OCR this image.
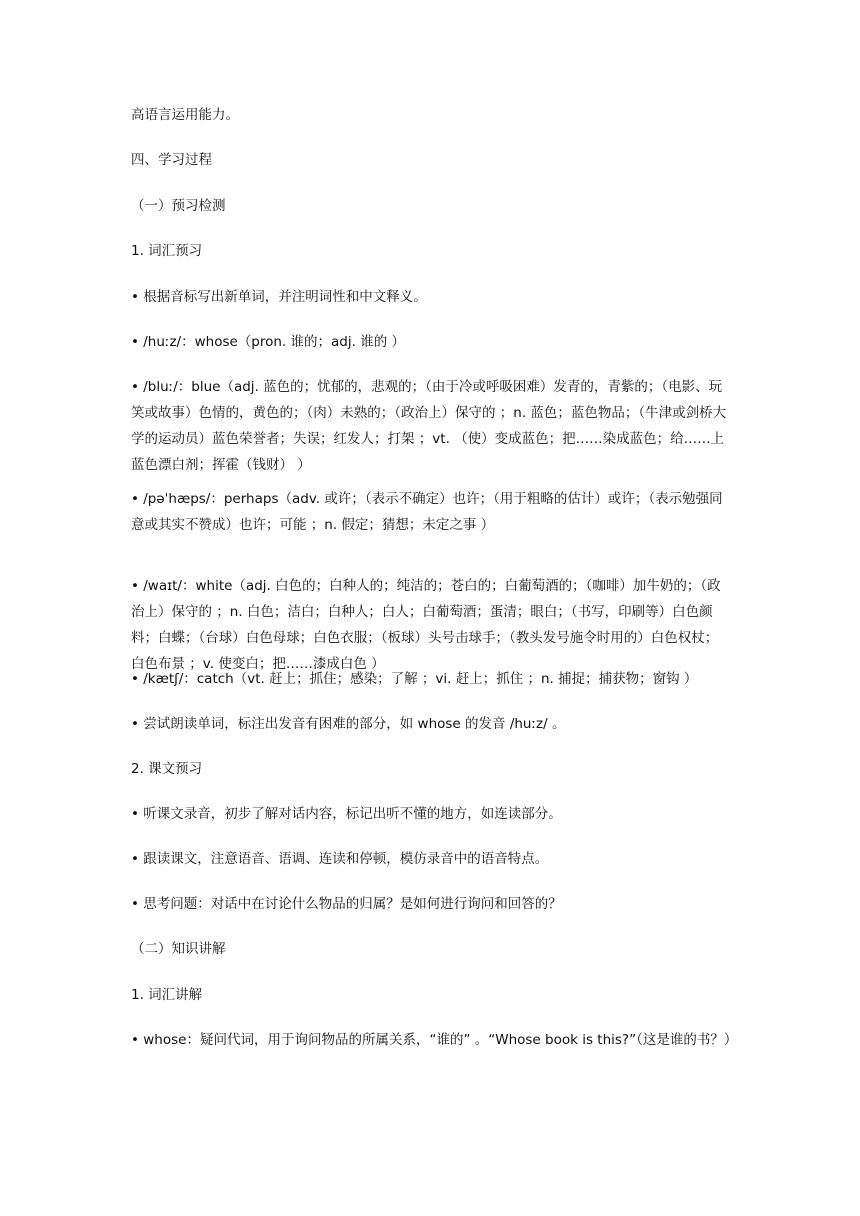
高语言运用能力。

四、学习过程

（一）预习检测

1. 词汇预习

• 根据音标写出新单词，并注明词性和中文释义。

• /huːz/：whose（pron. 谁的；adj. 谁的 ）

• /bluː/：blue（adj. 蓝色的；忧郁的，悲观的；（由于冷或呼吸困难）发青的，青紫的；（电影、玩笑或故事）色情的，黄色的；（肉）未熟的；（政治上）保守的 ；n. 蓝色；蓝色物品；（牛津或剑桥大学的运动员）蓝色荣誉者；失误；红发人；打架 ；vt. （使）变成蓝色；把……染成蓝色；给……上蓝色漂白剂；挥霍（钱财） ）

• /pəˈhæps/：perhaps（adv. 或许；（表示不确定）也许；（用于粗略的估计）或许；（表示勉强同意或其实不赞成）也许；可能 ；n. 假定；猜想；未定之事 ）

• /waɪt/：white（adj. 白色的；白种人的；纯洁的；苍白的；白葡萄酒的；（咖啡）加牛奶的；（政治上）保守的 ；n. 白色；洁白；白种人；白人；白葡萄酒；蛋清；眼白；（书写，印刷等）白色颜料；白蝶；（台球）白色母球；白色衣服；（板球）头号击球手；（教头发号施令时用的）白色权杖；白色布景 ；v. 使变白；把……漆成白色 ）

• /kætʃ/：catch（vt. 赶上；抓住；感染；了解 ；vi. 赶上；抓住 ；n. 捕捉；捕获物；窗钩 ）

• 尝试朗读单词，标注出发音有困难的部分，如 whose 的发音 /huːz/ 。

2. 课文预习

• 听课文录音，初步了解对话内容，标记出听不懂的地方，如连读部分。

• 跟读课文，注意语音、语调、连读和停顿，模仿录音中的语音特点。

• 思考问题：对话中在讨论什么物品的归属？是如何进行询问和回答的？

（二）知识讲解

1. 词汇讲解

• whose：疑问代词，用于询问物品的所属关系，“谁的” 。“Whose book is this?”（这是谁的书？）
